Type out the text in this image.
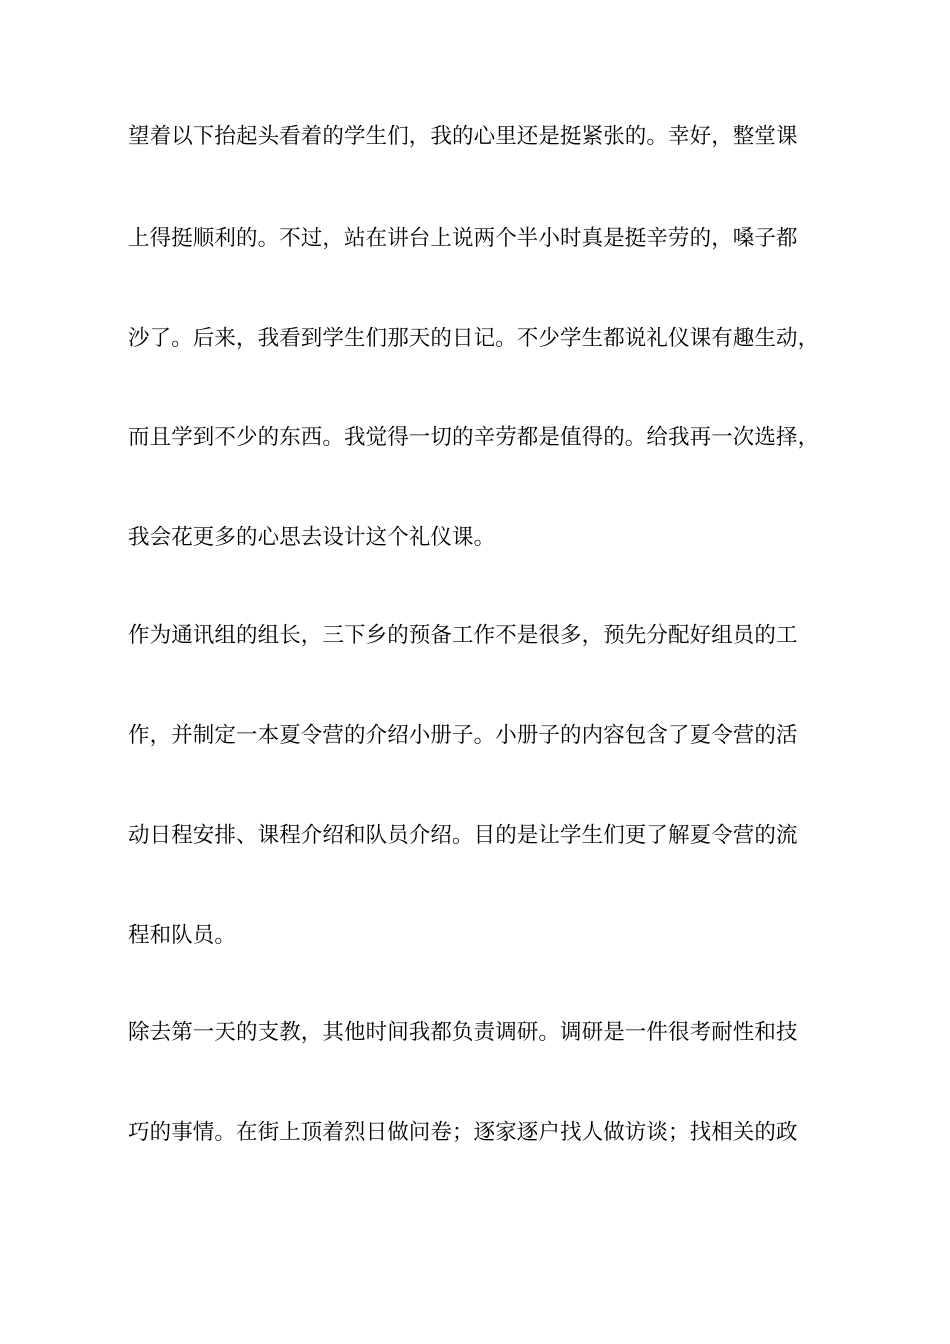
望着以下抬起头看着的学生们，我的心里还是挺紧张的。幸好，整堂课
上得挺顺利的。不过，站在讲台上说两个半小时真是挺辛劳的，嗓子都
沙了。后来，我看到学生们那天的日记。不少学生都说礼仪课有趣生动，
而且学到不少的东西。我觉得一切的辛劳都是值得的。给我再一次选择，
我会花更多的心思去设计这个礼仪课。
作为通讯组的组长，三下乡的预备工作不是很多，预先分配好组员的工
作，并制定一本夏令营的介绍小册子。小册子的内容包含了夏令营的活
动日程安排、课程介绍和队员介绍。目的是让学生们更了解夏令营的流
程和队员。
除去第一天的支教，其他时间我都负责调研。调研是一件很考耐性和技
巧的事情。在街上顶着烈日做问卷；逐家逐户找人做访谈；找相关的政
